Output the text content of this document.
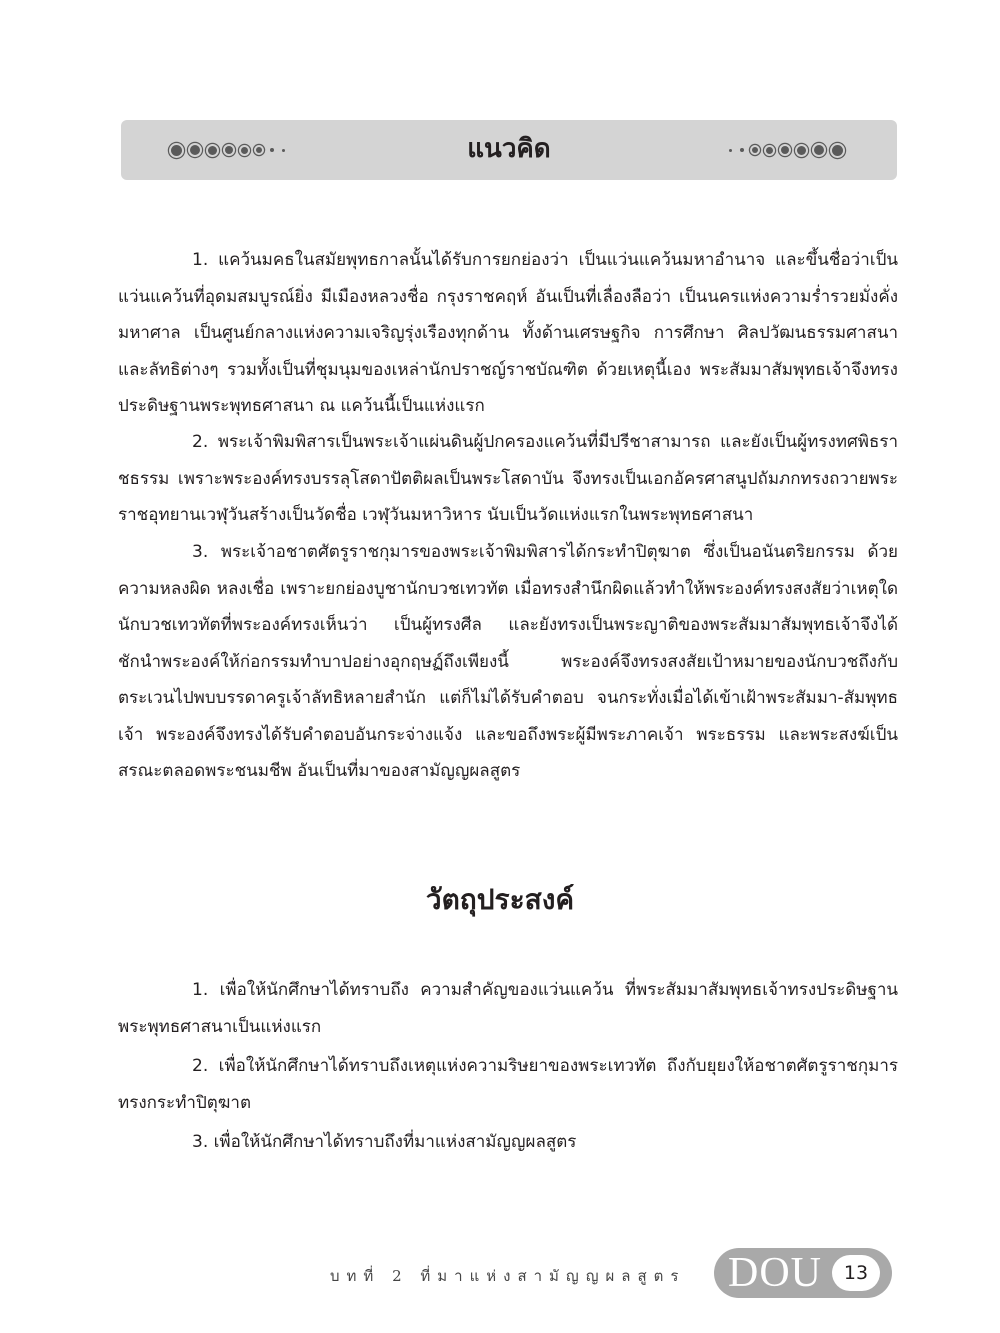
แนวคิด

1. แคว้นมคธในสมัยพุทธกาลนั้นได้รับการยกย่องว่า เป็นแว่นแคว้นมหาอำนาจ และขึ้นชื่อว่าเป็นแว่นแคว้นที่อุดมสมบูรณ์ยิ่ง มีเมืองหลวงชื่อ กรุงราชคฤห์ อันเป็นที่เลื่องลือว่า เป็นนครแห่งความร่ำรวยมั่งคั่งมหาศาล เป็นศูนย์กลางแห่งความเจริญรุ่งเรืองทุกด้าน ทั้งด้านเศรษฐกิจ การศึกษา ศิลปวัฒนธรรมศาสนา และลัทธิต่างๆ รวมทั้งเป็นที่ชุมนุมของเหล่านักปราชญ์ราชบัณฑิต ด้วยเหตุนี้เอง พระสัมมาสัมพุทธเจ้าจึงทรงประดิษฐานพระพุทธศาสนา ณ แคว้นนี้เป็นแห่งแรก

2. พระเจ้าพิมพิสารเป็นพระเจ้าแผ่นดินผู้ปกครองแคว้นที่มีปรีชาสามารถ และยังเป็นผู้ทรงทศพิธราชธรรม เพราะพระองค์ทรงบรรลุโสดาปัตติผลเป็นพระโสดาบัน จึงทรงเป็นเอกอัครศาสนูปถัมภกทรงถวายพระราชอุทยานเวฬุวันสร้างเป็นวัดชื่อ เวฬุวันมหาวิหาร นับเป็นวัดแห่งแรกในพระพุทธศาสนา

3. พระเจ้าอชาตศัตรูราชกุมารของพระเจ้าพิมพิสารได้กระทำปิตุฆาต ซึ่งเป็นอนันตริยกรรม ด้วยความหลงผิด หลงเชื่อ เพราะยกย่องบูชานักบวชเทวทัต เมื่อทรงสำนึกผิดแล้วทำให้พระองค์ทรงสงสัยว่าเหตุใดนักบวชเทวทัตที่พระองค์ทรงเห็นว่า เป็นผู้ทรงศีล และยังทรงเป็นพระญาติของพระสัมมาสัมพุทธเจ้าจึงได้ชักนำพระองค์ให้ก่อกรรมทำบาปอย่างอุกฤษฏ์ถึงเพียงนี้ พระองค์จึงทรงสงสัยเป้าหมายของนักบวชถึงกับตระเวนไปพบบรรดาครูเจ้าลัทธิหลายสำนัก แต่ก็ไม่ได้รับคำตอบ จนกระทั่งเมื่อได้เข้าเฝ้าพระสัมมา-สัมพุทธเจ้า พระองค์จึงทรงได้รับคำตอบอันกระจ่างแจ้ง และขอถึงพระผู้มีพระภาคเจ้า พระธรรม และพระสงฆ์เป็นสรณะตลอดพระชนมชีพ อันเป็นที่มาของสามัญญผลสูตร

วัตถุประสงค์

1. เพื่อให้นักศึกษาได้ทราบถึง ความสำคัญของแว่นแคว้น ที่พระสัมมาสัมพุทธเจ้าทรงประดิษฐานพระพุทธศาสนาเป็นแห่งแรก

2. เพื่อให้นักศึกษาได้ทราบถึงเหตุแห่งความริษยาของพระเทวทัต ถึงกับยุยงให้อชาตศัตรูราชกุมารทรงกระทำปิตุฆาต

3. เพื่อให้นักศึกษาได้ทราบถึงที่มาแห่งสามัญญผลสูตร

บทที่ 2 ที่มาแห่งสามัญญผลสูตร DOU	13
